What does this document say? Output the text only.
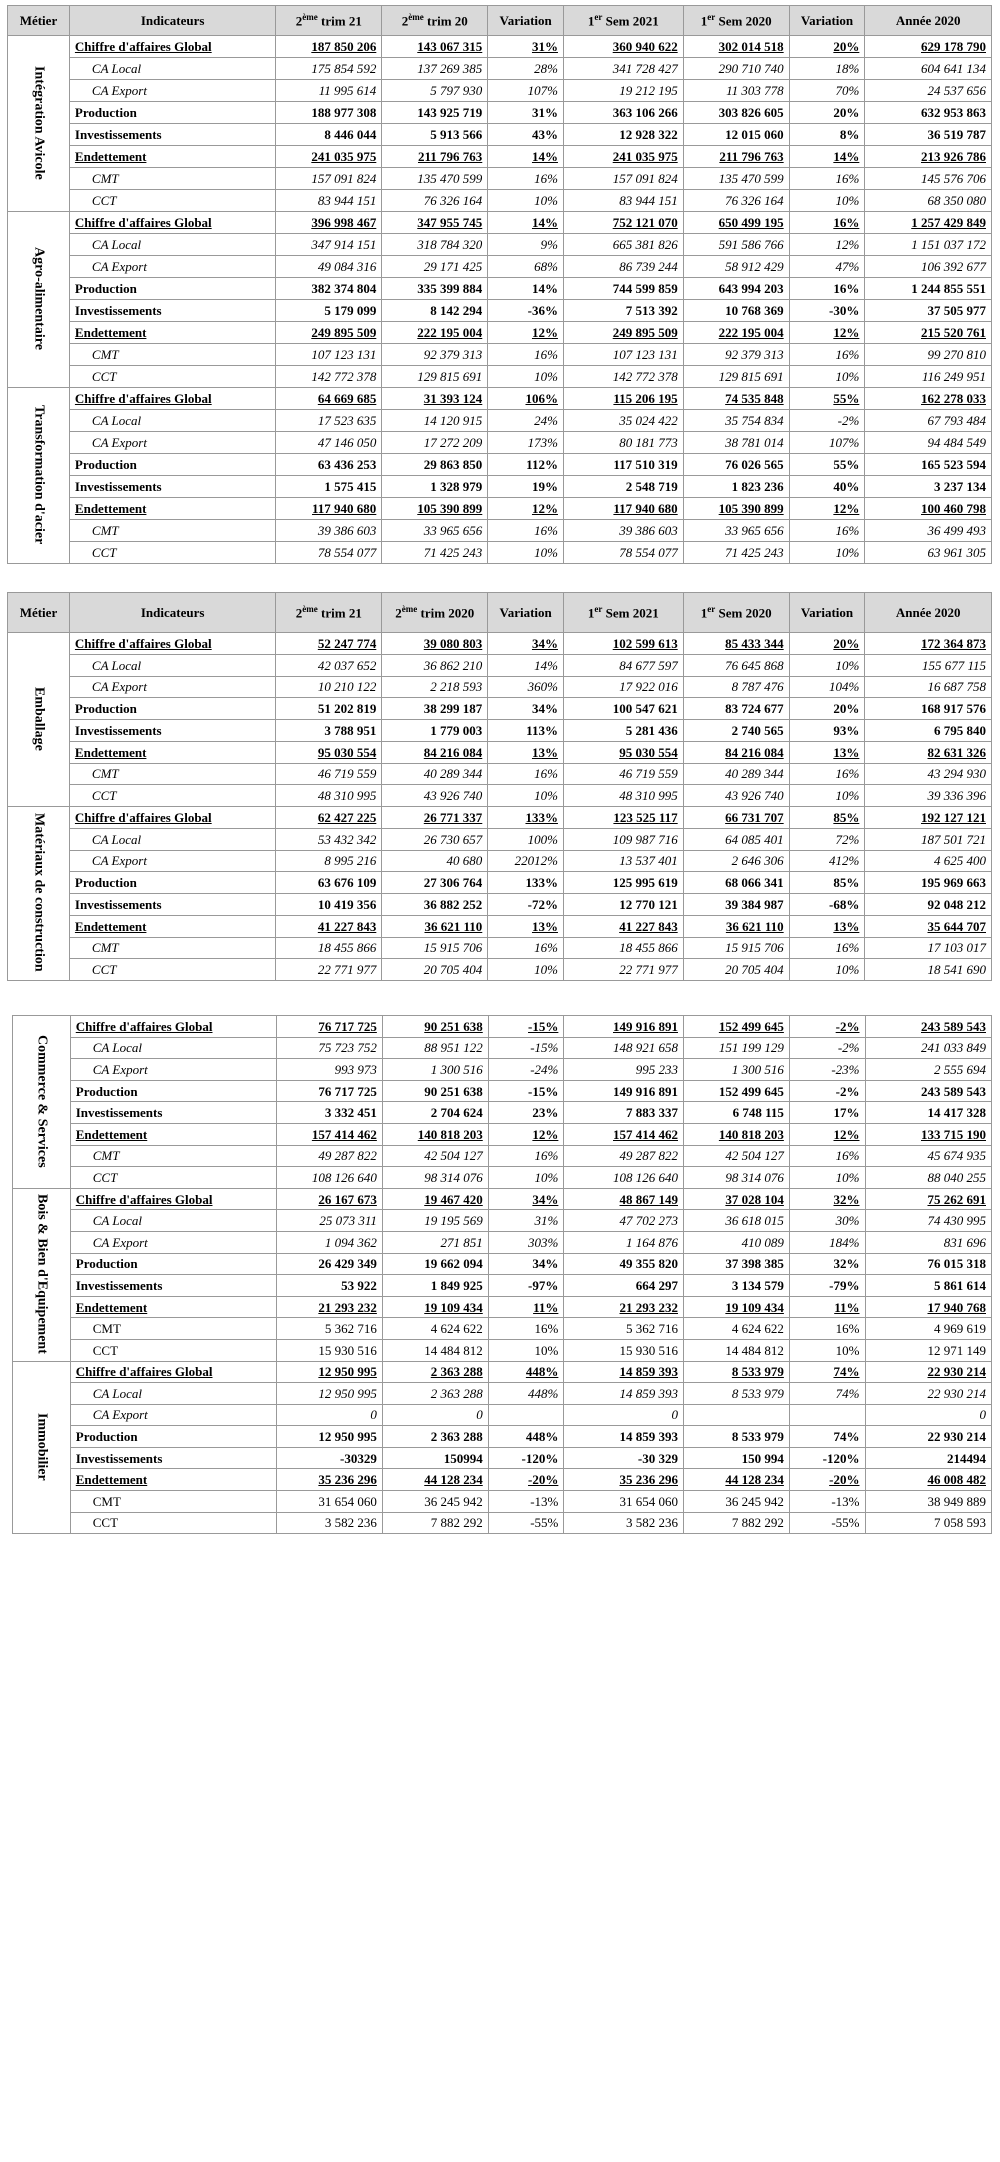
Métier	Indicateurs	2ème trim 21	2ème trim 20	Variation	1er Sem 2021	1er Sem 2020	Variation	Année 2020
Intégration Avicole	Chiffre d'affaires Global	187 850 206	143 067 315	31%	360 940 622	302 014 518	20%	629 178 790
	CA Local	175 854 592	137 269 385	28%	341 728 427	290 710 740	18%	604 641 134
	CA Export	11 995 614	5 797 930	107%	19 212 195	11 303 778	70%	24 537 656
	Production	188 977 308	143 925 719	31%	363 106 266	303 826 605	20%	632 953 863
	Investissements	8 446 044	5 913 566	43%	12 928 322	12 015 060	8%	36 519 787
	Endettement	241 035 975	211 796 763	14%	241 035 975	211 796 763	14%	213 926 786
	CMT	157 091 824	135 470 599	16%	157 091 824	135 470 599	16%	145 576 706
	CCT	83 944 151	76 326 164	10%	83 944 151	76 326 164	10%	68 350 080
Agro-alimentaire	Chiffre d'affaires Global	396 998 467	347 955 745	14%	752 121 070	650 499 195	16%	1 257 429 849
	CA Local	347 914 151	318 784 320	9%	665 381 826	591 586 766	12%	1 151 037 172
	CA Export	49 084 316	29 171 425	68%	86 739 244	58 912 429	47%	106 392 677
	Production	382 374 804	335 399 884	14%	744 599 859	643 994 203	16%	1 244 855 551
	Investissements	5 179 099	8 142 294	-36%	7 513 392	10 768 369	-30%	37 505 977
	Endettement	249 895 509	222 195 004	12%	249 895 509	222 195 004	12%	215 520 761
	CMT	107 123 131	92 379 313	16%	107 123 131	92 379 313	16%	99 270 810
	CCT	142 772 378	129 815 691	10%	142 772 378	129 815 691	10%	116 249 951
Transformation d'acier	Chiffre d'affaires Global	64 669 685	31 393 124	106%	115 206 195	74 535 848	55%	162 278 033
	CA Local	17 523 635	14 120 915	24%	35 024 422	35 754 834	-2%	67 793 484
	CA Export	47 146 050	17 272 209	173%	80 181 773	38 781 014	107%	94 484 549
	Production	63 436 253	29 863 850	112%	117 510 319	76 026 565	55%	165 523 594
	Investissements	1 575 415	1 328 979	19%	2 548 719	1 823 236	40%	3 237 134
	Endettement	117 940 680	105 390 899	12%	117 940 680	105 390 899	12%	100 460 798
	CMT	39 386 603	33 965 656	16%	39 386 603	33 965 656	16%	36 499 493
	CCT	78 554 077	71 425 243	10%	78 554 077	71 425 243	10%	63 961 305
Métier	Indicateurs	2ème trim 21	2ème trim 2020	Variation	1er Sem 2021	1er Sem 2020	Variation	Année 2020
Emballage	Chiffre d'affaires Global	52 247 774	39 080 803	34%	102 599 613	85 433 344	20%	172 364 873
	CA Local	42 037 652	36 862 210	14%	84 677 597	76 645 868	10%	155 677 115
	CA Export	10 210 122	2 218 593	360%	17 922 016	8 787 476	104%	16 687 758
	Production	51 202 819	38 299 187	34%	100 547 621	83 724 677	20%	168 917 576
	Investissements	3 788 951	1 779 003	113%	5 281 436	2 740 565	93%	6 795 840
	Endettement	95 030 554	84 216 084	13%	95 030 554	84 216 084	13%	82 631 326
	CMT	46 719 559	40 289 344	16%	46 719 559	40 289 344	16%	43 294 930
	CCT	48 310 995	43 926 740	10%	48 310 995	43 926 740	10%	39 336 396
Matériaux de construction	Chiffre d'affaires Global	62 427 225	26 771 337	133%	123 525 117	66 731 707	85%	192 127 121
	CA Local	53 432 342	26 730 657	100%	109 987 716	64 085 401	72%	187 501 721
	CA Export	8 995 216	40 680	22012%	13 537 401	2 646 306	412%	4 625 400
	Production	63 676 109	27 306 764	133%	125 995 619	68 066 341	85%	195 969 663
	Investissements	10 419 356	36 882 252	-72%	12 770 121	39 384 987	-68%	92 048 212
	Endettement	41 227 843	36 621 110	13%	41 227 843	36 621 110	13%	35 644 707
	CMT	18 455 866	15 915 706	16%	18 455 866	15 915 706	16%	17 103 017
	CCT	22 771 977	20 705 404	10%	22 771 977	20 705 404	10%	18 541 690
Commerce & Services	Chiffre d'affaires Global	76 717 725	90 251 638	-15%	149 916 891	152 499 645	-2%	243 589 543
	CA Local	75 723 752	88 951 122	-15%	148 921 658	151 199 129	-2%	241 033 849
	CA Export	993 973	1 300 516	-24%	995 233	1 300 516	-23%	2 555 694
	Production	76 717 725	90 251 638	-15%	149 916 891	152 499 645	-2%	243 589 543
	Investissements	3 332 451	2 704 624	23%	7 883 337	6 748 115	17%	14 417 328
	Endettement	157 414 462	140 818 203	12%	157 414 462	140 818 203	12%	133 715 190
	CMT	49 287 822	42 504 127	16%	49 287 822	42 504 127	16%	45 674 935
	CCT	108 126 640	98 314 076	10%	108 126 640	98 314 076	10%	88 040 255
Bois & Bien d'Equipement	Chiffre d'affaires Global	26 167 673	19 467 420	34%	48 867 149	37 028 104	32%	75 262 691
	CA Local	25 073 311	19 195 569	31%	47 702 273	36 618 015	30%	74 430 995
	CA Export	1 094 362	271 851	303%	1 164 876	410 089	184%	831 696
	Production	26 429 349	19 662 094	34%	49 355 820	37 398 385	32%	76 015 318
	Investissements	53 922	1 849 925	-97%	664 297	3 134 579	-79%	5 861 614
	Endettement	21 293 232	19 109 434	11%	21 293 232	19 109 434	11%	17 940 768
	CMT	5 362 716	4 624 622	16%	5 362 716	4 624 622	16%	4 969 619
	CCT	15 930 516	14 484 812	10%	15 930 516	14 484 812	10%	12 971 149
Immobilier	Chiffre d'affaires Global	12 950 995	2 363 288	448%	14 859 393	8 533 979	74%	22 930 214
	CA Local	12 950 995	2 363 288	448%	14 859 393	8 533 979	74%	22 930 214
	CA Export	0	0		0			0
	Production	12 950 995	2 363 288	448%	14 859 393	8 533 979	74%	22 930 214
	Investissements	-30329	150994	-120%	-30 329	150 994	-120%	214494
	Endettement	35 236 296	44 128 234	-20%	35 236 296	44 128 234	-20%	46 008 482
	CMT	31 654 060	36 245 942	-13%	31 654 060	36 245 942	-13%	38 949 889
	CCT	3 582 236	7 882 292	-55%	3 582 236	7 882 292	-55%	7 058 593
